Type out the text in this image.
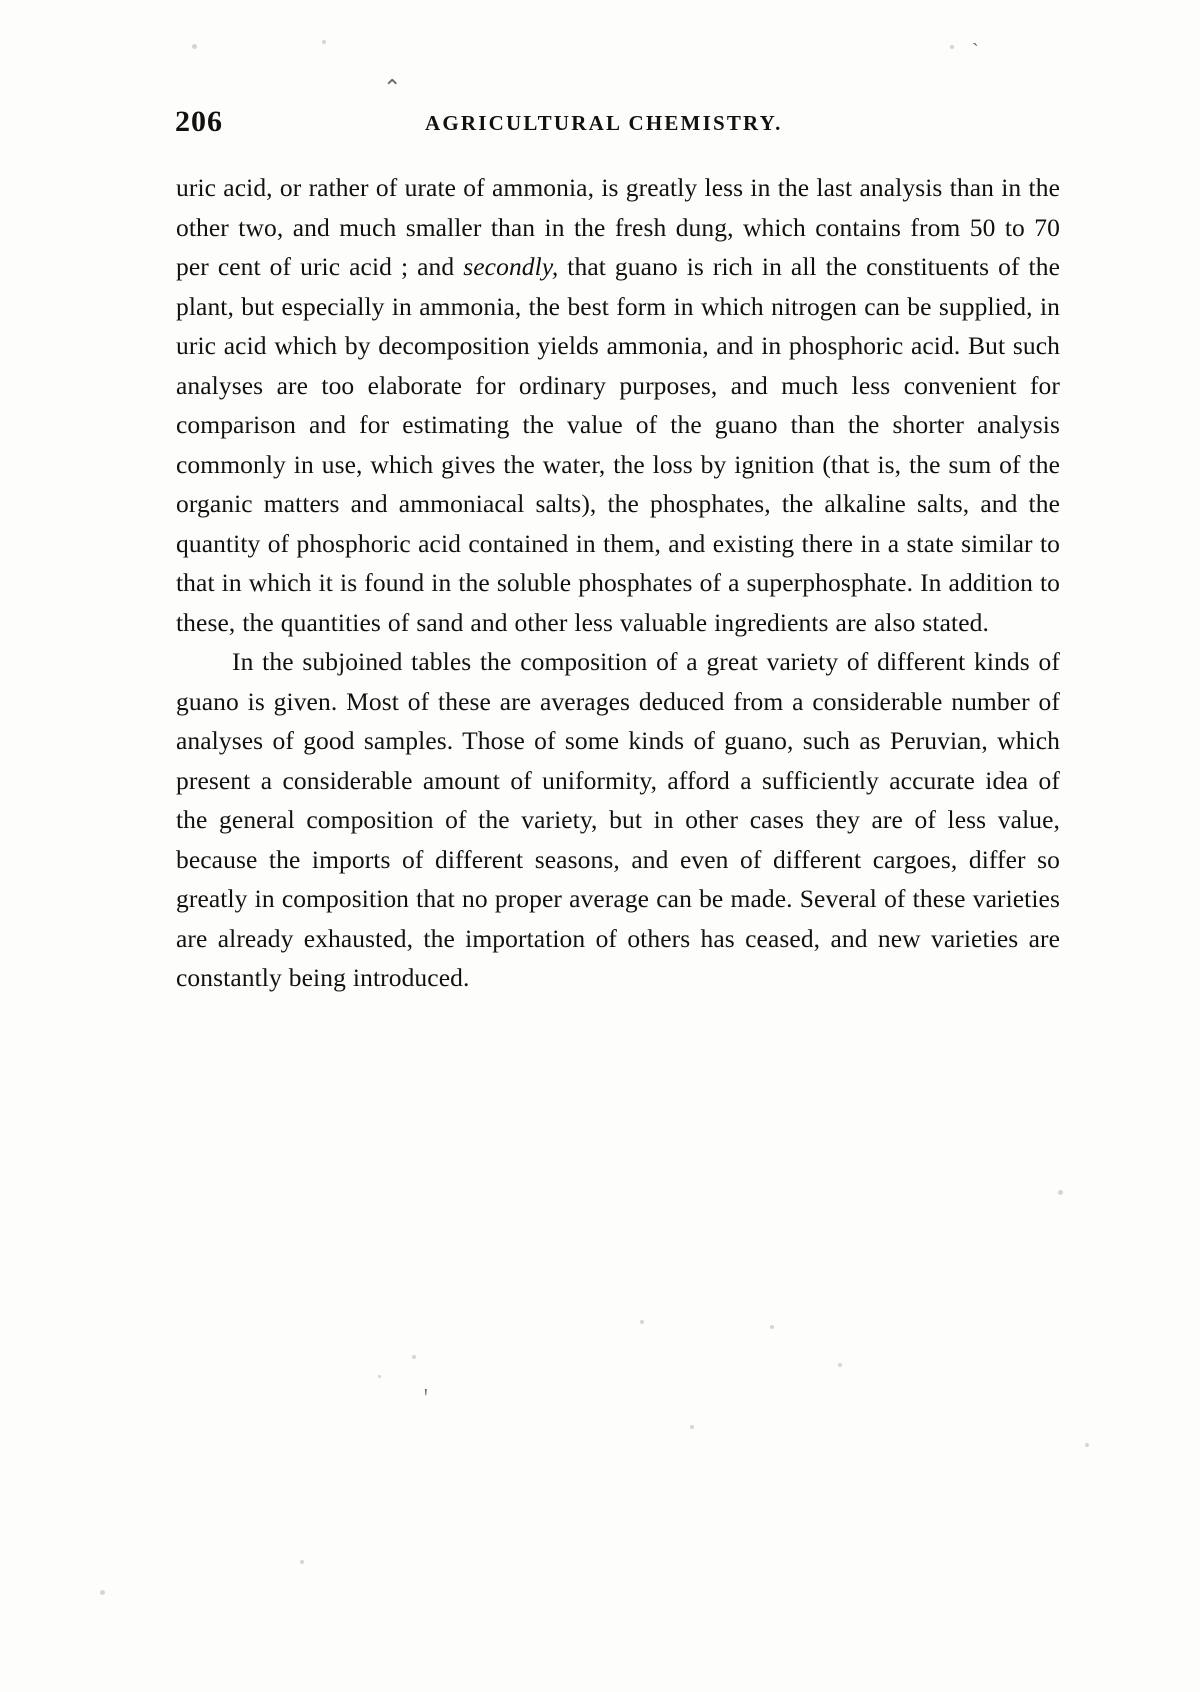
⌃
`
ꞌ
206	AGRICULTURAL CHEMISTRY.

uric acid, or rather of urate of ammonia, is greatly less in the last analysis than in the other two, and much smaller than in the fresh dung, which contains from 50 to 70 per cent of uric acid ; and secondly, that guano is rich in all the constituents of the plant, but especially in ammonia, the best form in which nitrogen can be supplied, in uric acid which by decomposition yields ammonia, and in phosphoric acid. But such analyses are too elaborate for ordinary purposes, and much less convenient for comparison and for estimating the value of the guano than the shorter analysis commonly in use, which gives the water, the loss by ignition (that is, the sum of the organic matters and ammoniacal salts), the phosphates, the alkaline salts, and the quantity of phosphoric acid contained in them, and existing there in a state similar to that in which it is found in the soluble phosphates of a superphosphate. In addition to these, the quantities of sand and other less valuable ingredients are also stated.

In the subjoined tables the composition of a great variety of different kinds of guano is given. Most of these are averages deduced from a considerable number of analyses of good samples. Those of some kinds of guano, such as Peruvian, which present a considerable amount of uniformity, afford a sufficiently accurate idea of the general composition of the variety, but in other cases they are of less value, because the imports of different seasons, and even of different cargoes, differ so greatly in composition that no proper average can be made. Several of these varieties are already exhausted, the importation of others has ceased, and new varieties are constantly being introduced.
